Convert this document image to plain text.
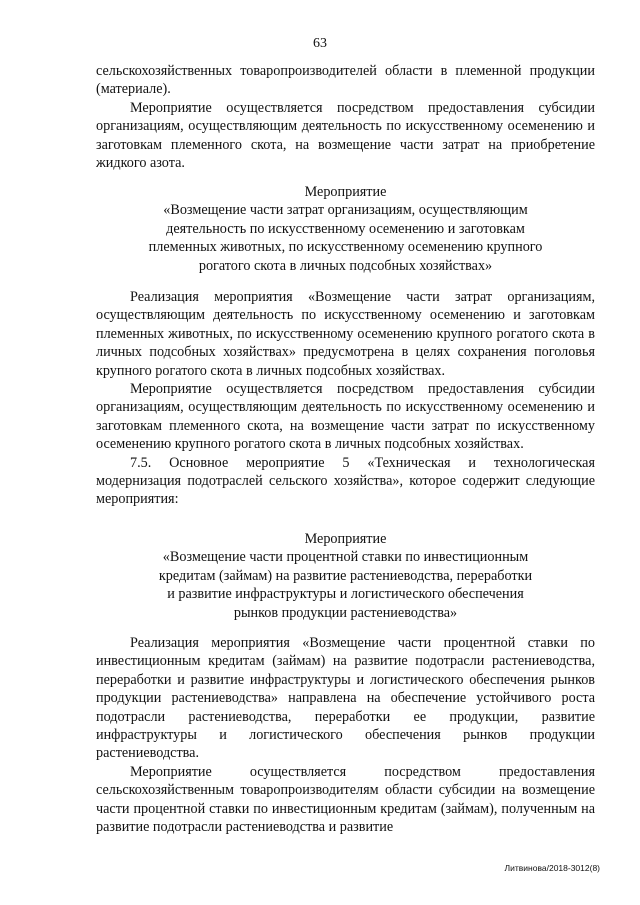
63

сельскохозяйственных товаропроизводителей области в племенной продукции (материале).

Мероприятие осуществляется посредством предоставления субсидии организациям, осуществляющим деятельность по искусственному осеменению и заготовкам племенного скота, на возмещение части затрат на приобретение жидкого азота.

Мероприятие
«Возмещение части затрат организациям, осуществляющим
деятельность по искусственному осеменению и заготовкам
племенных животных, по искусственному осеменению крупного
рогатого скота в личных подсобных хозяйствах»

Реализация мероприятия «Возмещение части затрат организациям, осуществляющим деятельность по искусственному осеменению и заготовкам племенных животных, по искусственному осеменению крупного рогатого скота в личных подсобных хозяйствах» предусмотрена в целях сохранения поголовья крупного рогатого скота в личных подсобных хозяйствах.

Мероприятие осуществляется посредством предоставления субсидии организациям, осуществляющим деятельность по искусственному осеменению и заготовкам племенного скота, на возмещение части затрат по искусственному осеменению крупного рогатого скота в личных подсобных хозяйствах.

7.5. Основное мероприятие 5 «Техническая и технологическая модернизация подотраслей сельского хозяйства», которое содержит следующие мероприятия:

Мероприятие
«Возмещение части процентной ставки по инвестиционным
кредитам (займам) на развитие растениеводства, переработки
и развитие инфраструктуры и логистического обеспечения
рынков продукции растениеводства»

Реализация мероприятия «Возмещение части процентной ставки по инвестиционным кредитам (займам) на развитие подотрасли растениеводства, переработки и развитие инфраструктуры и логистического обеспечения рынков продукции растениеводства» направлена на обеспечение устойчивого роста подотрасли растениеводства, переработки ее продукции, развитие инфраструктуры и логистического обеспечения рынков продукции растениеводства.

Мероприятие осуществляется посредством предоставления сельскохозяйственным товаропроизводителям области субсидии на возмещение части процентной ставки по инвестиционным кредитам (займам), полученным на развитие подотрасли растениеводства и развитие

Литвинова/2018-3012(8)
